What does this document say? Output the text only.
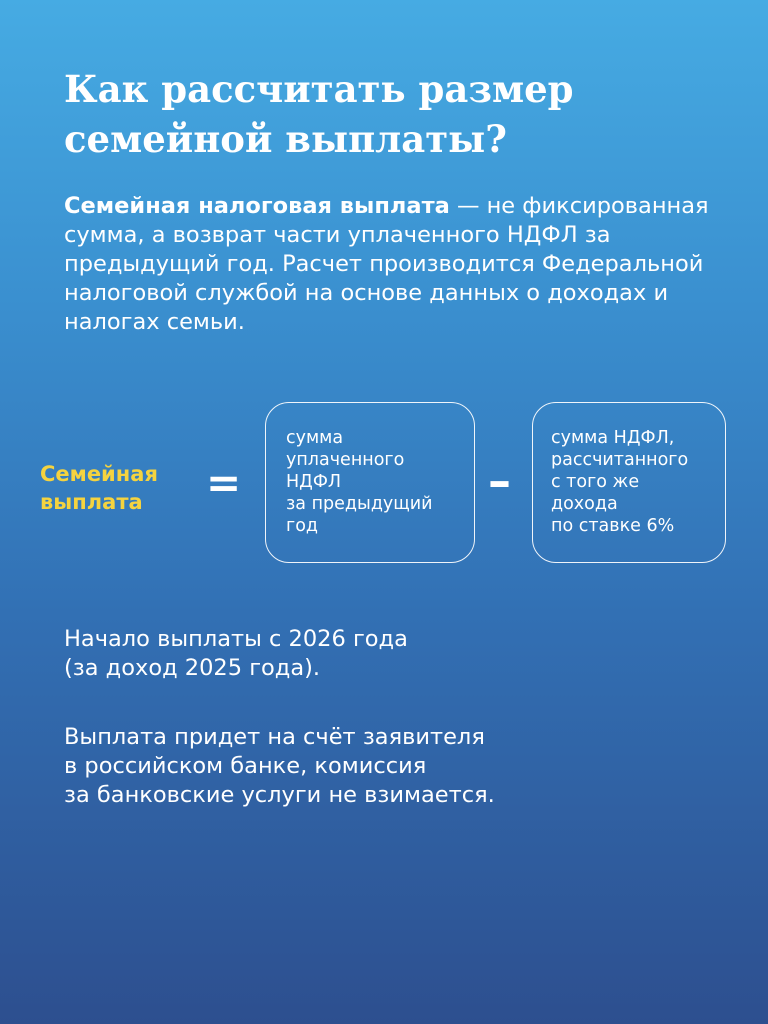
Как рассчитать размер
семейной выплаты?

Семейная налоговая выплата — не фиксированная сумма, а возврат части уплаченного НДФЛ за предыдущий год. Расчет производится Федеральной налоговой службой на основе данных о доходах и налогах семьи.

Семейная выплата	=
сумма
уплаченного
НДФЛ
за предыдущий
год
–
сумма НДФЛ,
рассчитанного
с того же
дохода
по ставке 6%

Начало выплаты с 2026 года
(за доход 2025 года).

Выплата придет на счёт заявителя
в российском банке, комиссия
за банковские услуги не взимается.
